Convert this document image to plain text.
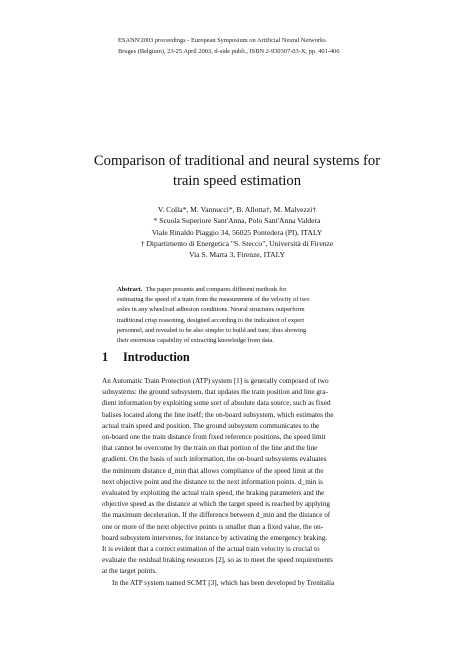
ESANN'2003 proceedings - European Symposium on Artificial Neural Networks
Bruges (Belgium), 23-25 April 2003, d-side publi., ISBN 2-930307-03-X, pp. 401-406
Comparison of traditional and neural systems for
train speed estimation
V. Colla*, M. Vannucci*, B. Allotta†, M. Malvezzi†
* Scuola Superiore Sant'Anna, Polo Sant'Anna Valdera
Viale Rinaldo Piaggio 34, 56025 Pontedera (PI), ITALY
† Dipartimento di Energetica "S. Stecco", Università di Firenze
Via S. Marta 3, Firenze, ITALY
Abstract. The paper presents and compares different methods for
estimating the speed of a train from the measurement of the velocity of two
axles in any wheel/rail adhesion conditions. Neural structures outperform
traditional crisp reasoning, designed according to the indication of expert
personnel, and revealed to be also simpler to build and tune, thus showing
their enormous capability of extracting knowledge from data.
1 Introduction
An Automatic Train Protection (ATP) system [1] is generally composed of two
subsystems: the ground subsystem, that updates the train position and line gra-
dient information by exploiting some sort of absolute data source, such as fixed
balises located along the line itself; the on-board subsystem, which estimates the
actual train speed and position. The ground subsystem communicates to the
on-board one the train distance from fixed reference positions, the speed limit
that cannot be overcome by the train on that portion of the line and the line
gradient. On the basis of such information, the on-board subsystems evaluates
the minimum distance d_min that allows compliance of the speed limit at the
next objective point and the distance to the next information points. d_min is
evaluated by exploiting the actual train speed, the braking parameters and the
objective speed as the distance at which the target speed is reached by applying
the maximum deceleration. If the difference between d_min and the distance of
one or more of the next objective points is smaller than a fixed value, the on-
board subsystem intervenes, for instance by activating the emergency braking.
It is evident that a correct estimation of the actual train velocity is crucial to
evaluate the residual braking resources [2], so as to meet the speed requirements
at the target points.
In the ATP system named SCMT [3], which has been developed by Trenitalia
